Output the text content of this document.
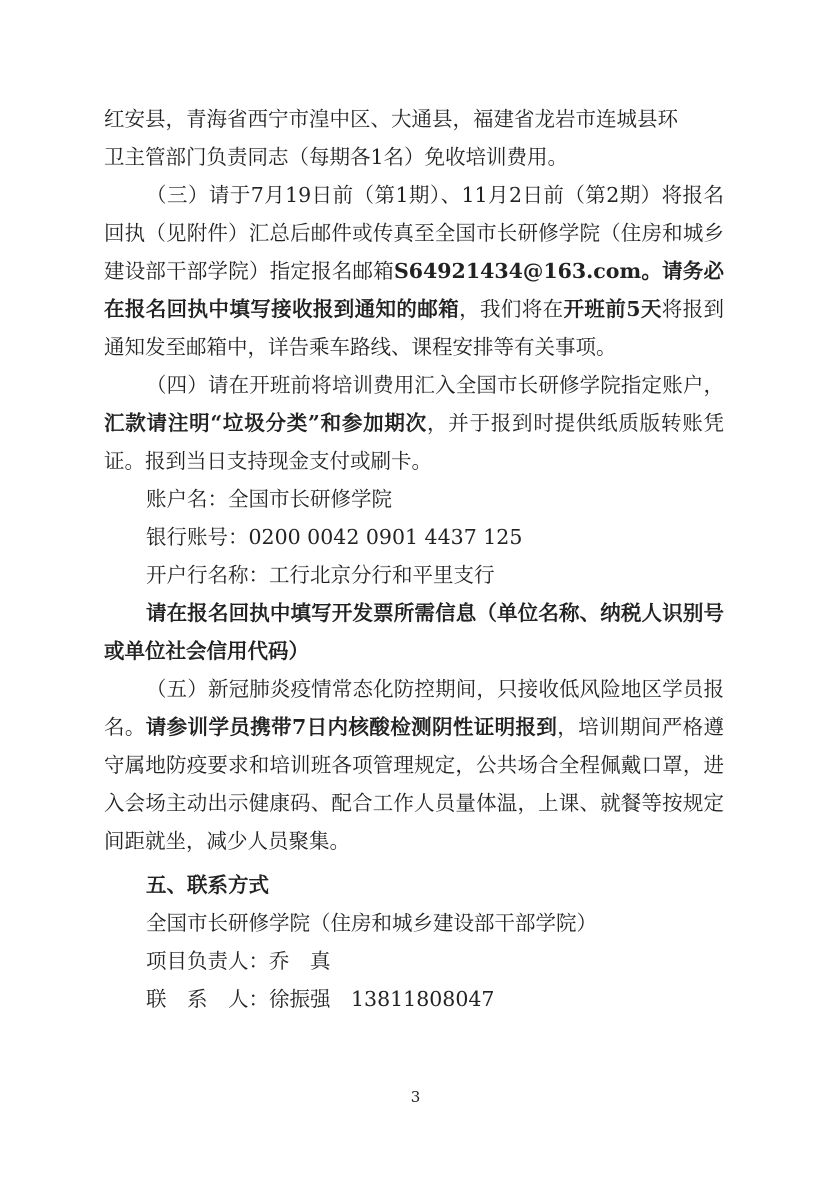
红安县，青海省西宁市湟中区、大通县，福建省龙岩市连城县环

卫主管部门负责同志（每期各1名）免收培训费用。

（三）请于7月19日前（第1期）、11月2日前（第2期）将报名回执（见附件）汇总后邮件或传真至全国市长研修学院（住房和城乡建设部干部学院）指定报名邮箱S64921434@163.com。请务必在报名回执中填写接收报到通知的邮箱，我们将在开班前5天将报到通知发至邮箱中，详告乘车路线、课程安排等有关事项。

（四）请在开班前将培训费用汇入全国市长研修学院指定账户，汇款请注明“垃圾分类”和参加期次，并于报到时提供纸质版转账凭证。报到当日支持现金支付或刷卡。

账户名：全国市长研修学院

银行账号：0200 0042 0901 4437 125

开户行名称：工行北京分行和平里支行

请在报名回执中填写开发票所需信息（单位名称、纳税人识别号或单位社会信用代码）

（五）新冠肺炎疫情常态化防控期间，只接收低风险地区学员报名。请参训学员携带7日内核酸检测阴性证明报到，培训期间严格遵守属地防疫要求和培训班各项管理规定，公共场合全程佩戴口罩，进入会场主动出示健康码、配合工作人员量体温，上课、就餐等按规定间距就坐，减少人员聚集。

五、联系方式

全国市长研修学院（住房和城乡建设部干部学院）

项目负责人：乔　真

联　系　人：徐振强　13811808047

3
